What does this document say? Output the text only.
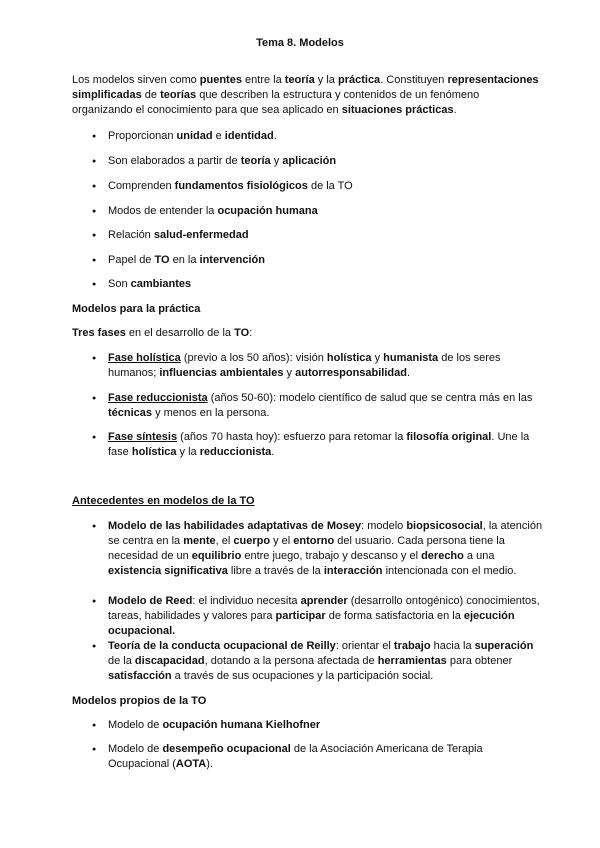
Tema 8. Modelos
Los modelos sirven como puentes entre la teoría y la práctica. Constituyen representaciones simplificadas de teorías que describen la estructura y contenidos de un fenómeno organizando el conocimiento para que sea aplicado en situaciones prácticas.
● Proporcionan unidad e identidad.
● Son elaborados a partir de teoría y aplicación
● Comprenden fundamentos fisiológicos de la TO
● Modos de entender la ocupación humana
● Relación salud-enfermedad
● Papel de TO en la intervención
● Son cambiantes
Modelos para la práctica
Tres fases en el desarrollo de la TO:
● Fase holística (previo a los 50 años): visión holística y humanista de los seres humanos; influencias ambientales y autorresponsabilidad.
● Fase reduccionista (años 50-60): modelo científico de salud que se centra más en las técnicas y menos en la persona.
● Fase síntesis (años 70 hasta hoy): esfuerzo para retomar la filosofía original. Une la fase holística y la reduccionista.
Antecedentes en modelos de la TO
● Modelo de las habilidades adaptativas de Mosey: modelo biopsicosocial, la atención se centra en la mente, el cuerpo y el entorno del usuario. Cada persona tiene la necesidad de un equilibrio entre juego, trabajo y descanso y el derecho a una existencia significativa libre a través de la interacción intencionada con el medio.
● Modelo de Reed: el individuo necesita aprender (desarrollo ontogénico) conocimientos, tareas, habilidades y valores para participar de forma satisfactoria en la ejecución ocupacional.
● Teoría de la conducta ocupacional de Reilly: orientar el trabajo hacia la superación de la discapacidad, dotando a la persona afectada de herramientas para obtener satisfacción a través de sus ocupaciones y la participación social.
Modelos propios de la TO
● Modelo de ocupación humana Kielhofner
● Modelo de desempeño ocupacional de la Asociación Americana de Terapia Ocupacional (AOTA).
